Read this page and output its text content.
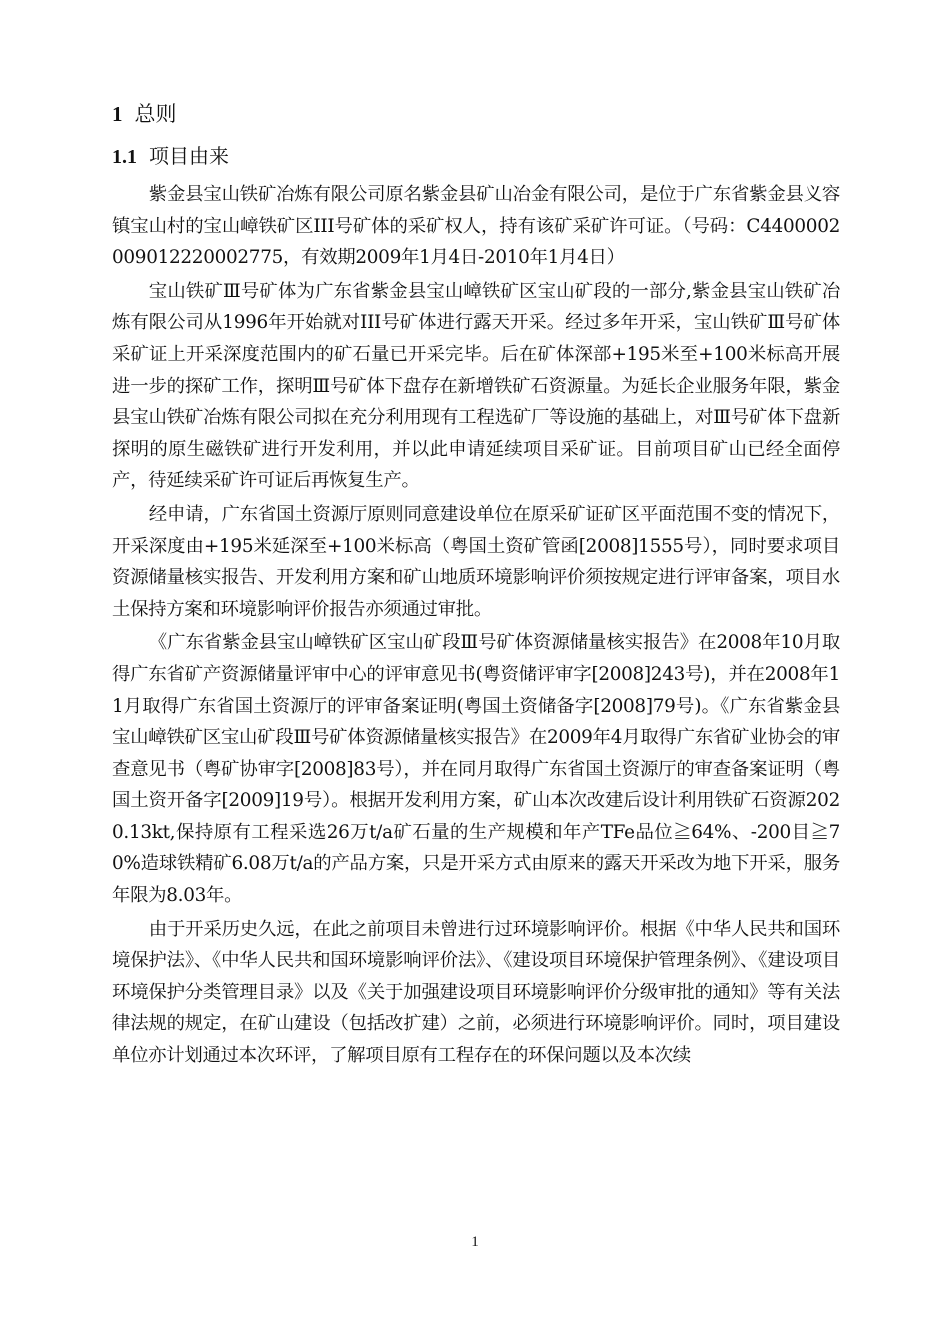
1 总则
1.1 项目由来

紫金县宝山铁矿冶炼有限公司原名紫金县矿山冶金有限公司，是位于广东省紫金县义容镇宝山村的宝山嶂铁矿区III号矿体的采矿权人，持有该矿采矿许可证。（号码：C4400002009012220002775，有效期2009年1月4日-2010年1月4日）

宝山铁矿Ⅲ号矿体为广东省紫金县宝山嶂铁矿区宝山矿段的一部分,紫金县宝山铁矿冶炼有限公司从1996年开始就对III号矿体进行露天开采。经过多年开采，宝山铁矿Ⅲ号矿体采矿证上开采深度范围内的矿石量已开采完毕。后在矿体深部+195米至+100米标高开展进一步的探矿工作，探明Ⅲ号矿体下盘存在新增铁矿石资源量。为延长企业服务年限，紫金县宝山铁矿冶炼有限公司拟在充分利用现有工程选矿厂等设施的基础上，对Ⅲ号矿体下盘新探明的原生磁铁矿进行开发利用，并以此申请延续项目采矿证。目前项目矿山已经全面停产，待延续采矿许可证后再恢复生产。

经申请，广东省国土资源厅原则同意建设单位在原采矿证矿区平面范围不变的情况下，开采深度由+195米延深至+100米标高（粤国土资矿管函[2008]1555号），同时要求项目资源储量核实报告、开发利用方案和矿山地质环境影响评价须按规定进行评审备案，项目水土保持方案和环境影响评价报告亦须通过审批。

《广东省紫金县宝山嶂铁矿区宝山矿段Ⅲ号矿体资源储量核实报告》在2008年10月取得广东省矿产资源储量评审中心的评审意见书(粤资储评审字[2008]243号)，并在2008年11月取得广东省国土资源厅的评审备案证明(粤国土资储备字[2008]79号)。《广东省紫金县宝山嶂铁矿区宝山矿段Ⅲ号矿体资源储量核实报告》在2009年4月取得广东省矿业协会的审查意见书（粤矿协审字[2008]83号），并在同月取得广东省国土资源厅的审查备案证明（粤国土资开备字[2009]19号）。根据开发利用方案，矿山本次改建后设计利用铁矿石资源2020.13kt,保持原有工程采选26万t/a矿石量的生产规模和年产TFe品位≧64%、-200目≧70%造球铁精矿6.08万t/a的产品方案，只是开采方式由原来的露天开采改为地下开采，服务年限为8.03年。

由于开采历史久远，在此之前项目未曾进行过环境影响评价。根据《中华人民共和国环境保护法》、《中华人民共和国环境影响评价法》、《建设项目环境保护管理条例》、《建设项目环境保护分类管理目录》以及《关于加强建设项目环境影响评价分级审批的通知》等有关法律法规的规定，在矿山建设（包括改扩建）之前，必须进行环境影响评价。同时，项目建设单位亦计划通过本次环评，了解项目原有工程存在的环保问题以及本次续

1
